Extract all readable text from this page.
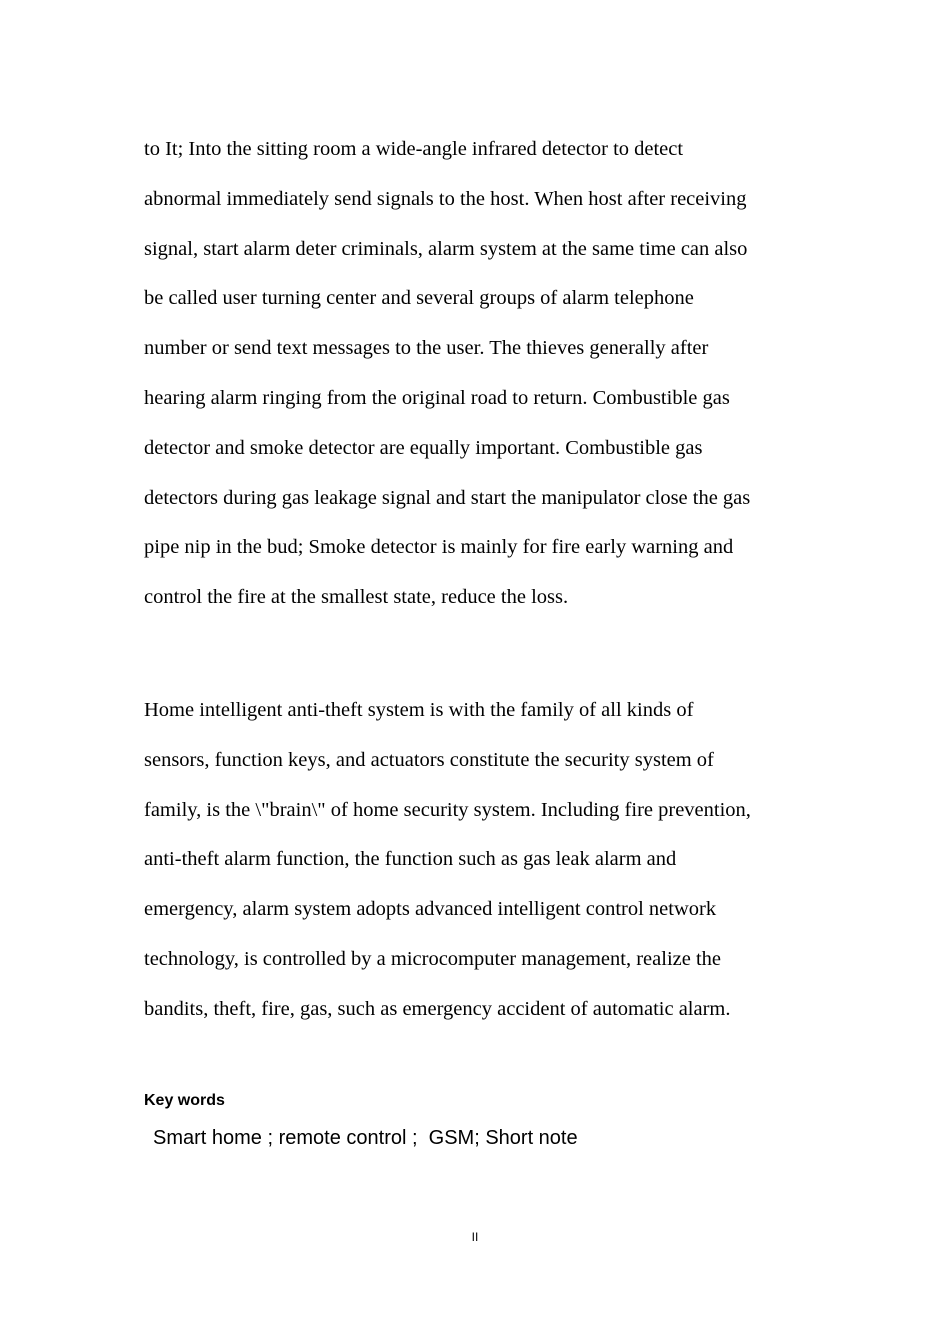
to It; Into the sitting room a wide-angle infrared detector to detect
abnormal immediately send signals to the host. When host after receiving
signal, start alarm deter criminals, alarm system at the same time can also
be called user turning center and several groups of alarm telephone
number or send text messages to the user. The thieves generally after
hearing alarm ringing from the original road to return. Combustible gas
detector and smoke detector are equally important. Combustible gas
detectors during gas leakage signal and start the manipulator close the gas
pipe nip in the bud; Smoke detector is mainly for fire early warning and
control the fire at the smallest state, reduce the loss.
Home intelligent anti-theft system is with the family of all kinds of
sensors, function keys, and actuators constitute the security system of
family, is the \"brain\" of home security system. Including fire prevention,
anti-theft alarm function, the function such as gas leak alarm and
emergency, alarm system adopts advanced intelligent control network
technology, is controlled by a microcomputer management, realize the
bandits, theft, fire, gas, such as emergency accident of automatic alarm.

Key words

Smart home ; remote control ;  GSM; Short note

II
